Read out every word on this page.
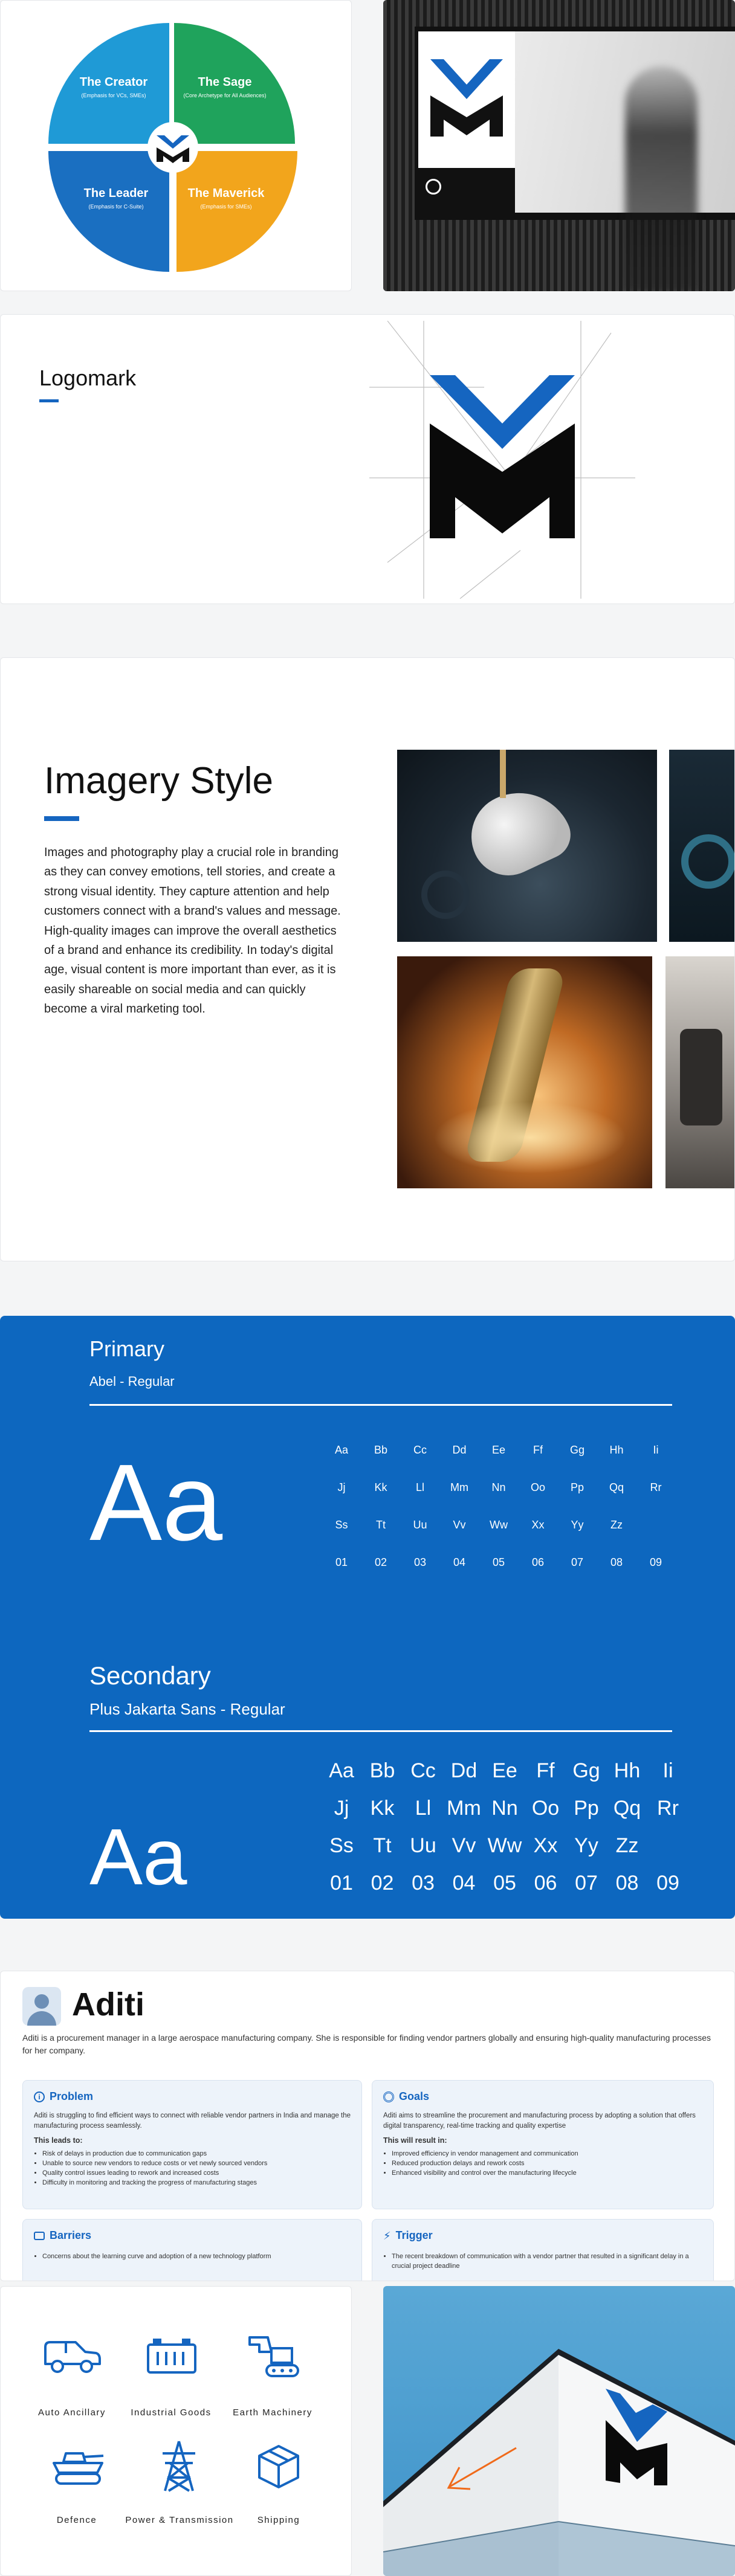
The Creator
(Emphasis for VCs, SMEs)
The Sage
(Core Archetype for All Audiences)
The Leader
(Emphasis for C-Suite)
The Maverick
(Emphasis for SMEs)
Logomark
Imagery Style
Images and photography play a crucial role in branding as they can convey emotions, tell stories, and create a strong visual identity. They capture attention and help customers connect with a brand's values and message. High-quality images can improve the overall aesthetics of a brand and enhance its credibility. In today's digital age, visual content is more important than ever, as it is easily shareable on social media and can quickly become a viral marketing tool.
Primary
Abel - Regular
Aa	Aa	Bb	Cc	Dd	Ee	Ff	Gg	Hh	Ii
Jj	Kk	Ll	Mm	Nn	Oo	Pp	Qq	Rr
Ss	Tt	Uu	Vv	Ww	Xx	Yy	Zz
01	02	03	04	05	06	07	08	09
Secondary
Plus Jakarta Sans - Regular
Aa
Aa Bb Cc Dd Ee Ff Gg Hh	Ii
Jj	Kk	Ll Mm Nn Oo Pp Qq Rr
Ss Tt Uu Vv Ww Xx Yy Zz
01 02 03 04 05 06 07 08 09
Aditi
Aditi is a procurement manager in a large aerospace manufacturing company. She is responsible for finding vendor partners globally and ensuring high-quality manufacturing processes for her company.
i Problem
Aditi is struggling to find efficient ways to connect with reliable vendor partners in India and manage the manufacturing process seamlessly.
This leads to:
• Risk of delays in production due to communication gaps
• Unable to source new vendors to reduce costs or vet newly sourced vendors
• Quality control issues leading to rework and increased costs
• Difficulty in monitoring and tracking the progress of manufacturing stages
Goals
Aditi aims to streamline the procurement and manufacturing process by adopting a solution that offers digital transparency, real-time tracking and quality expertise
This will result in:
• Improved efficiency in vendor management and communication
• Reduced production delays and rework costs
• Enhanced visibility and control over the manufacturing lifecycle
Barriers
• Concerns about the learning curve and adoption of a new technology platform
⚡ Trigger
• The recent breakdown of communication with a vendor partner that resulted in a significant delay in a crucial project deadline
Auto Ancillary	Industrial Goods	Earth Machinery
Defence	Power & Transmission	Shipping
